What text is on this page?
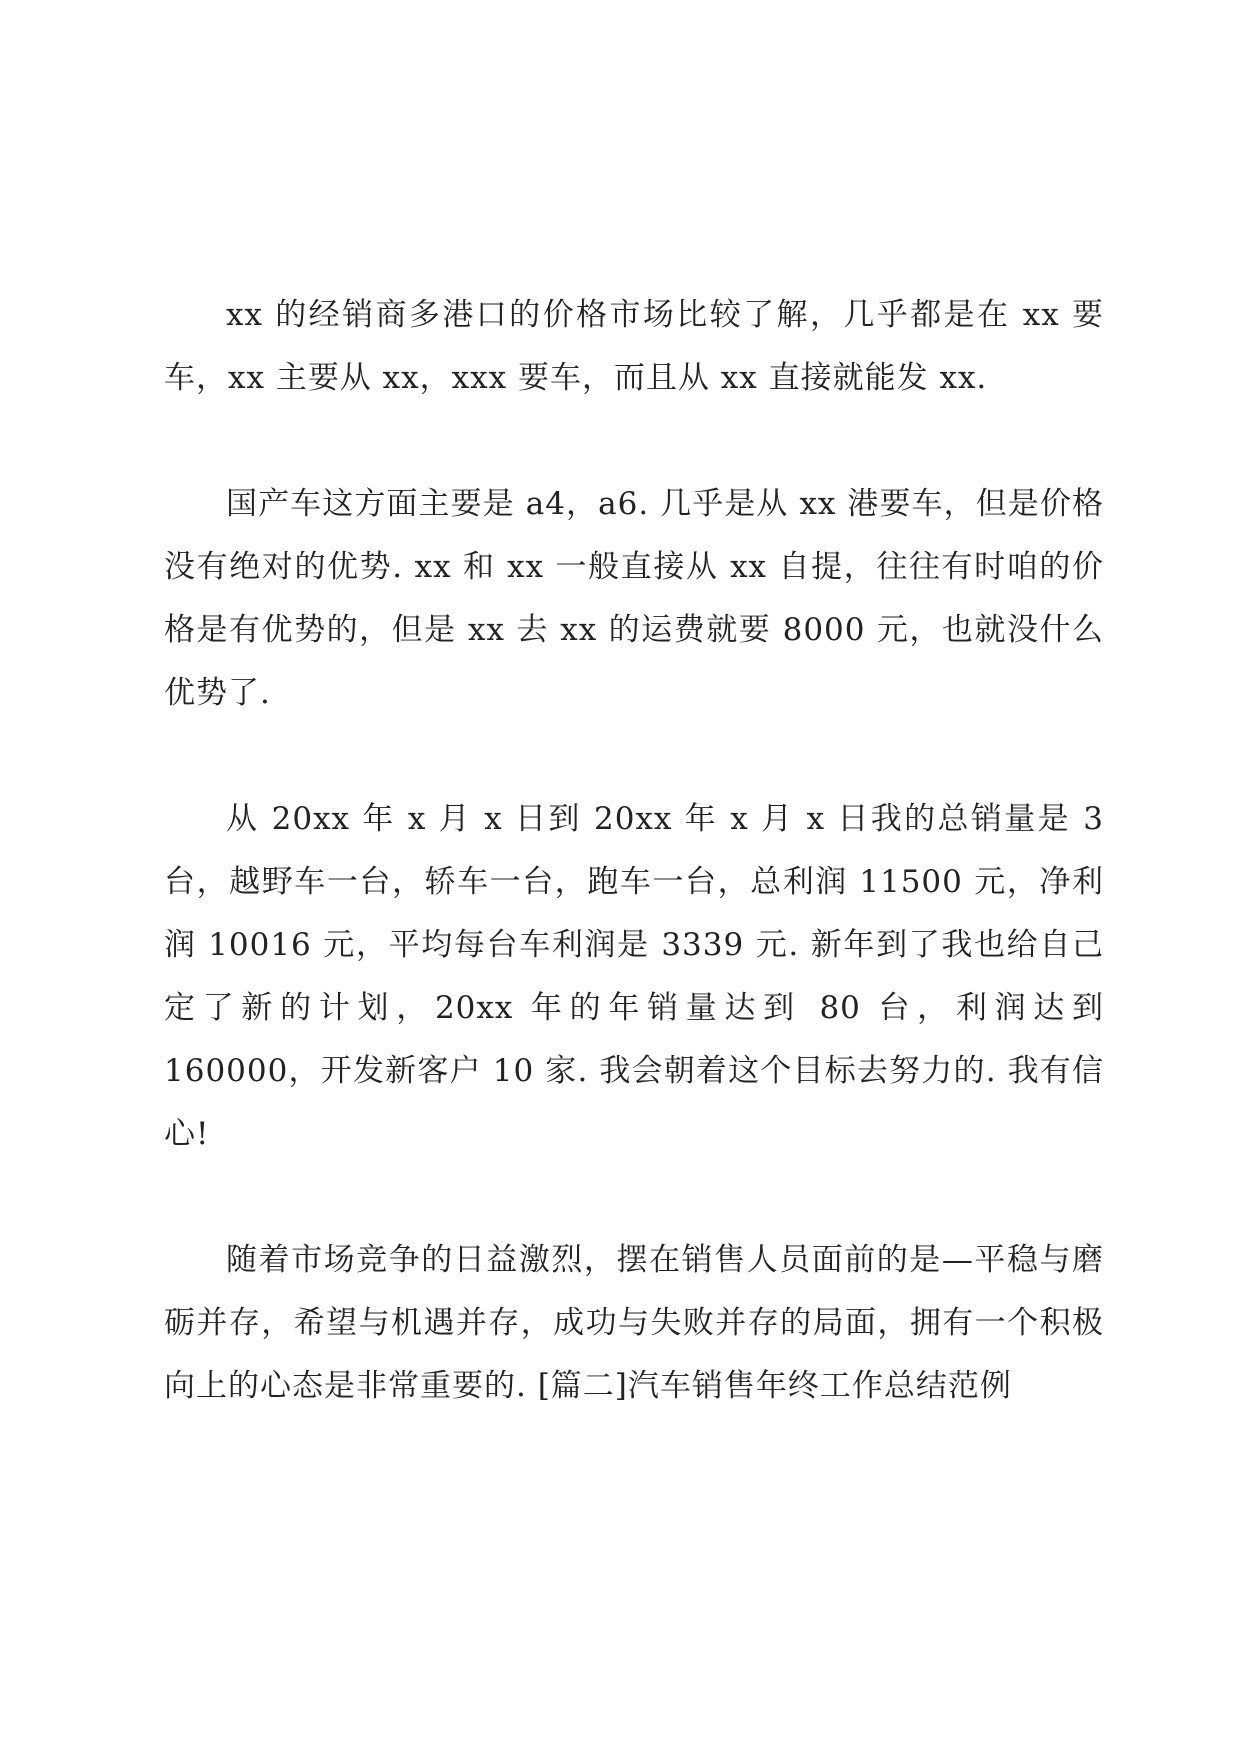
xx 的经销商多港口的价格市场比较了解，几乎都是在 xx 要车，xx 主要从 xx，xxx 要车，而且从 xx 直接就能发 xx.

国产车这方面主要是 a4，a6. 几乎是从 xx 港要车，但是价格没有绝对的优势. xx 和 xx 一般直接从 xx 自提，往往有时咱的价格是有优势的，但是 xx 去 xx 的运费就要 8000 元，也就没什么优势了.

从 20xx 年 x 月 x 日到 20xx 年 x 月 x 日我的总销量是 3 台，越野车一台，轿车一台，跑车一台，总利润 11500 元，净利润 10016 元，平均每台车利润是 3339 元. 新年到了我也给自己定了新的计划，20xx 年的年销量达到 80 台，利润达到 160000，开发新客户 10 家. 我会朝着这个目标去努力的. 我有信心!

随着市场竞争的日益激烈，摆在销售人员面前的是—平稳与磨砺并存，希望与机遇并存，成功与失败并存的局面，拥有一个积极向上的心态是非常重要的. [篇二]汽车销售年终工作总结范例
